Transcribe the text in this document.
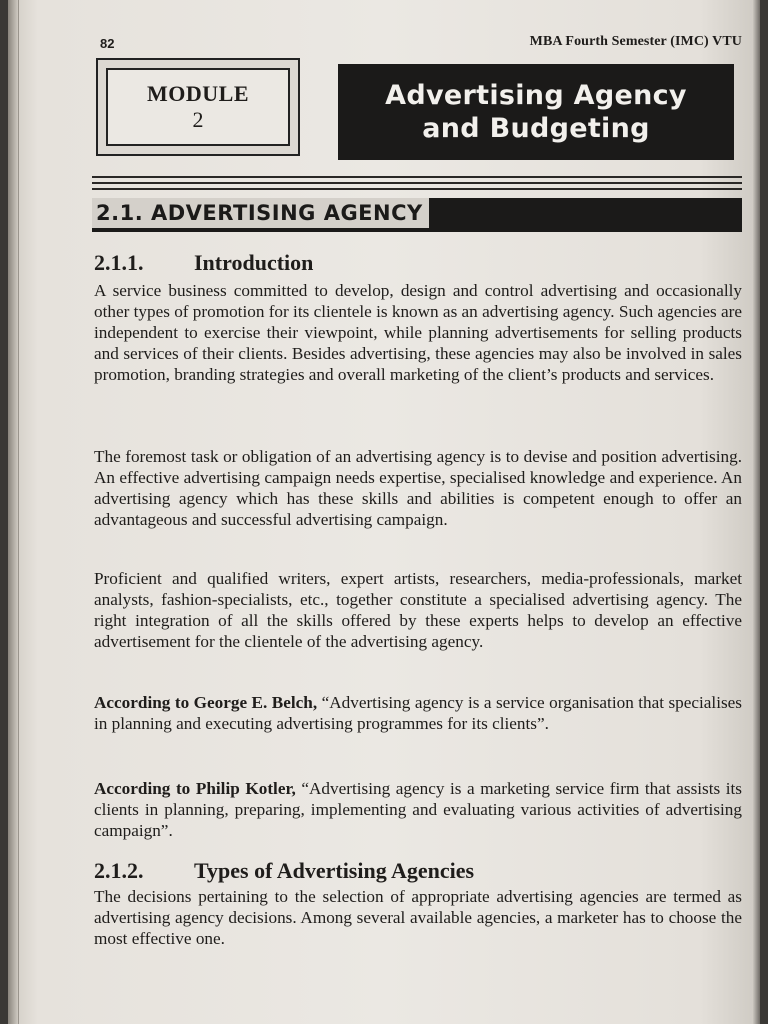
82	MBA Fourth Semester (IMC) VTU
MODULE
2
Advertising Agency
and Budgeting
2.1. ADVERTISING AGENCY
2.1.1. Introduction
A service business committed to develop, design and control advertising and occasionally other types of promotion for its clientele is known as an advertising agency. Such agencies are independent to exercise their viewpoint, while planning advertisements for selling products and services of their clients. Besides advertising, these agencies may also be involved in sales promotion, branding strategies and overall marketing of the client’s products and services.
The foremost task or obligation of an advertising agency is to devise and position advertising. An effective advertising campaign needs expertise, specialised knowledge and experience. An advertising agency which has these skills and abilities is competent enough to offer an advantageous and successful advertising campaign.
Proficient and qualified writers, expert artists, researchers, media-professionals, market analysts, fashion-specialists, etc., together constitute a specialised advertising agency. The right integration of all the skills offered by these experts helps to develop an effective advertisement for the clientele of the advertising agency.
According to George E. Belch, “Advertising agency is a service organisation that specialises in planning and executing advertising programmes for its clients”.
According to Philip Kotler, “Advertising agency is a marketing service firm that assists its clients in planning, preparing, implementing and evaluating various activities of advertising campaign”.
2.1.2. Types of Advertising Agencies
The decisions pertaining to the selection of appropriate advertising agencies are termed as advertising agency decisions. Among several available agencies, a marketer has to choose the most effective one.
